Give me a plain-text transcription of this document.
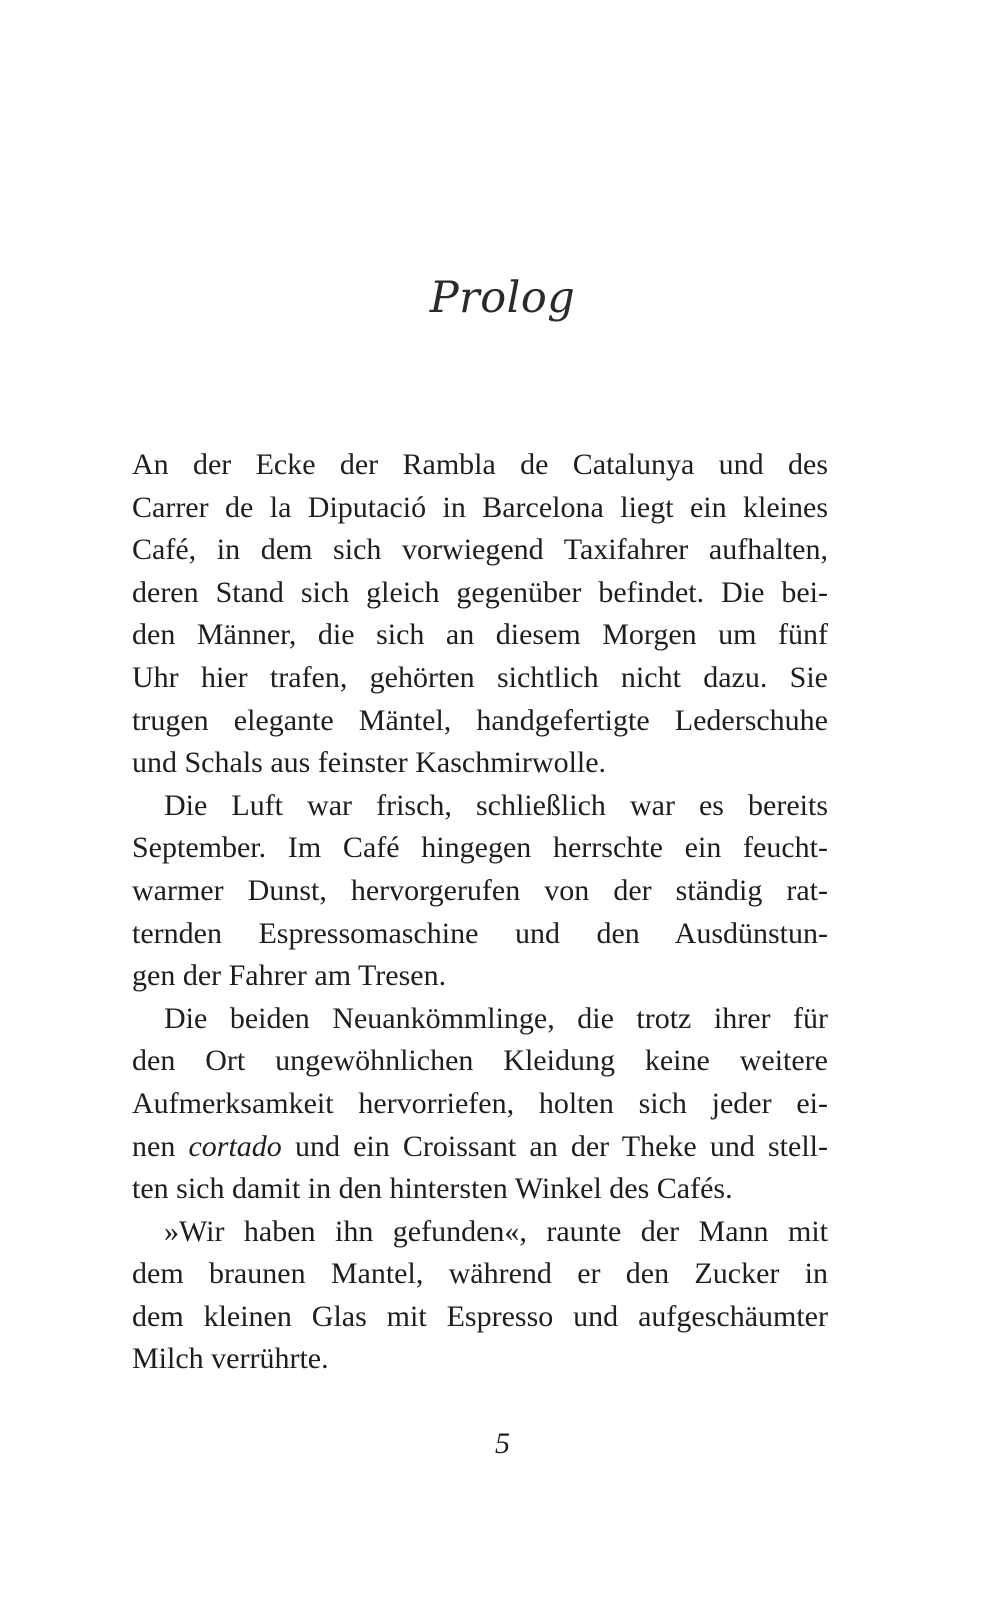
Prolog
An der Ecke der Rambla de Catalunya und des
Carrer de la Diputació in Barcelona liegt ein kleines
Café, in dem sich vorwiegend Taxifahrer aufhalten,
deren Stand sich gleich gegenüber befindet. Die bei-
den Männer, die sich an diesem Morgen um fünf
Uhr hier trafen, gehörten sichtlich nicht dazu. Sie
trugen elegante Mäntel, handgefertigte Lederschuhe
und Schals aus feinster Kaschmirwolle.
Die Luft war frisch, schließlich war es bereits
September. Im Café hingegen herrschte ein feucht-
warmer Dunst, hervorgerufen von der ständig rat-
ternden Espressomaschine und den Ausdünstun-
gen der Fahrer am Tresen.
Die beiden Neuankömmlinge, die trotz ihrer für
den Ort ungewöhnlichen Kleidung keine weitere
Aufmerksamkeit hervorriefen, holten sich jeder ei-
nen cortado und ein Croissant an der Theke und stell-
ten sich damit in den hintersten Winkel des Cafés.
»Wir haben ihn gefunden«, raunte der Mann mit
dem braunen Mantel, während er den Zucker in
dem kleinen Glas mit Espresso und aufgeschäumter
Milch verrührte.
5
